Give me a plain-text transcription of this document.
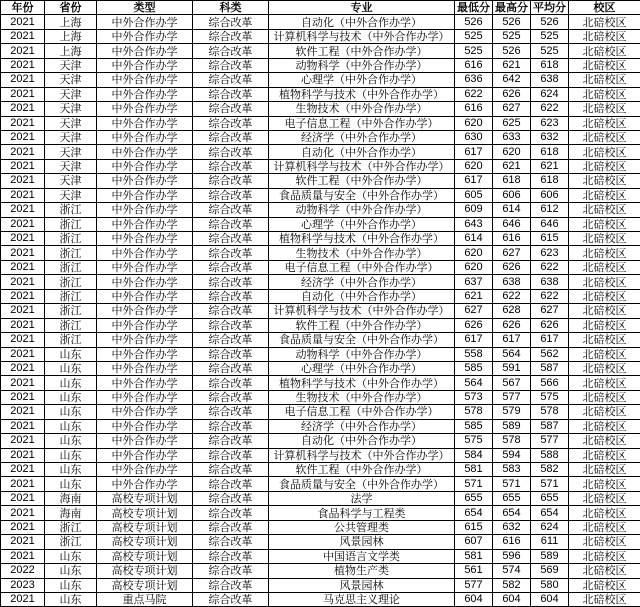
年份	省份	类型	科类	专业	最低分	最高分	平均分	校区
2021	上海	中外合作办学	综合改革	自动化（中外合作办学）	526	526	526	北碚校区
2021	上海	中外合作办学	综合改革	计算机科学与技术（中外合作办学）	525	525	525	北碚校区
2021	上海	中外合作办学	综合改革	软件工程（中外合作办学）	525	526	525	北碚校区
2021	天津	中外合作办学	综合改革	动物科学（中外合作办学）	616	621	618	北碚校区
2021	天津	中外合作办学	综合改革	心理学（中外合作办学）	636	642	638	北碚校区
2021	天津	中外合作办学	综合改革	植物科学与技术（中外合作办学）	622	626	624	北碚校区
2021	天津	中外合作办学	综合改革	生物技术（中外合作办学）	616	627	622	北碚校区
2021	天津	中外合作办学	综合改革	电子信息工程（中外合作办学）	620	625	623	北碚校区
2021	天津	中外合作办学	综合改革	经济学（中外合作办学）	630	633	632	北碚校区
2021	天津	中外合作办学	综合改革	自动化（中外合作办学）	617	620	618	北碚校区
2021	天津	中外合作办学	综合改革	计算机科学与技术（中外合作办学）	620	621	621	北碚校区
2021	天津	中外合作办学	综合改革	软件工程（中外合作办学）	617	618	618	北碚校区
2021	天津	中外合作办学	综合改革	食品质量与安全（中外合作办学）	605	606	606	北碚校区
2021	浙江	中外合作办学	综合改革	动物科学（中外合作办学）	609	614	612	北碚校区
2021	浙江	中外合作办学	综合改革	心理学（中外合作办学）	643	646	646	北碚校区
2021	浙江	中外合作办学	综合改革	植物科学与技术（中外合作办学）	614	616	615	北碚校区
2021	浙江	中外合作办学	综合改革	生物技术（中外合作办学）	620	627	623	北碚校区
2021	浙江	中外合作办学	综合改革	电子信息工程（中外合作办学）	620	626	622	北碚校区
2021	浙江	中外合作办学	综合改革	经济学（中外合作办学）	637	638	638	北碚校区
2021	浙江	中外合作办学	综合改革	自动化（中外合作办学）	621	622	622	北碚校区
2021	浙江	中外合作办学	综合改革	计算机科学与技术（中外合作办学）	627	628	627	北碚校区
2021	浙江	中外合作办学	综合改革	软件工程（中外合作办学）	626	626	626	北碚校区
2021	浙江	中外合作办学	综合改革	食品质量与安全（中外合作办学）	617	617	617	北碚校区
2021	山东	中外合作办学	综合改革	动物科学（中外合作办学）	558	564	562	北碚校区
2021	山东	中外合作办学	综合改革	心理学（中外合作办学）	585	591	587	北碚校区
2021	山东	中外合作办学	综合改革	植物科学与技术（中外合作办学）	564	567	566	北碚校区
2021	山东	中外合作办学	综合改革	生物技术（中外合作办学）	573	577	575	北碚校区
2021	山东	中外合作办学	综合改革	电子信息工程（中外合作办学）	578	579	578	北碚校区
2021	山东	中外合作办学	综合改革	经济学（中外合作办学）	585	589	587	北碚校区
2021	山东	中外合作办学	综合改革	自动化（中外合作办学）	575	578	577	北碚校区
2021	山东	中外合作办学	综合改革	计算机科学与技术（中外合作办学）	584	594	588	北碚校区
2021	山东	中外合作办学	综合改革	软件工程（中外合作办学）	581	583	582	北碚校区
2021	山东	中外合作办学	综合改革	食品质量与安全（中外合作办学）	571	571	571	北碚校区
2021	海南	高校专项计划	综合改革	法学	655	655	655	北碚校区
2021	海南	高校专项计划	综合改革	食品科学与工程类	654	654	654	北碚校区
2021	浙江	高校专项计划	综合改革	公共管理类	615	632	624	北碚校区
2021	浙江	高校专项计划	综合改革	风景园林	607	616	611	北碚校区
2021	山东	高校专项计划	综合改革	中国语言文学类	581	596	589	北碚校区
2022	山东	高校专项计划	综合改革	植物生产类	561	574	569	北碚校区
2023	山东	高校专项计划	综合改革	风景园林	577	582	580	北碚校区
2021	山东	重点马院	综合改革	马克思主义理论	604	604	604	北碚校区
